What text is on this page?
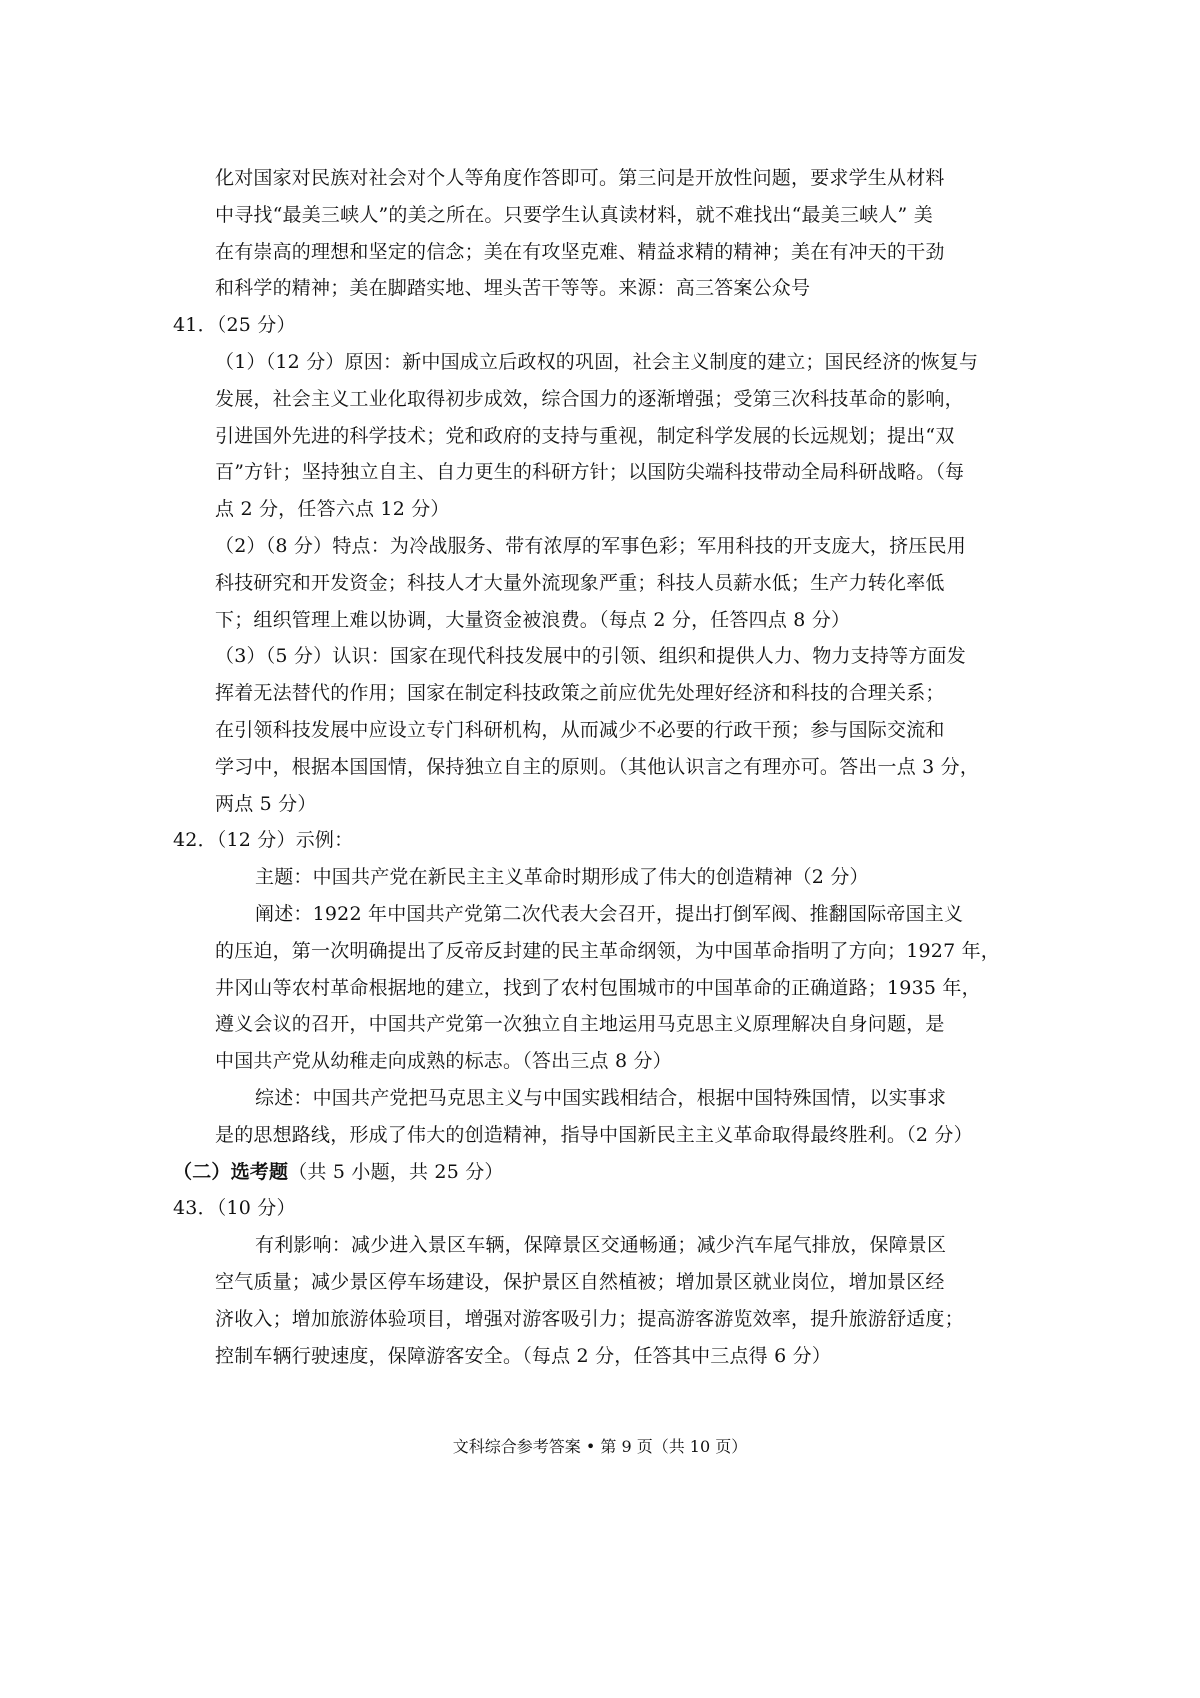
化对国家对民族对社会对个人等角度作答即可。第三问是开放性问题，要求学生从材料
中寻找“最美三峡人”的美之所在。只要学生认真读材料，就不难找出“最美三峡人” 美
在有崇高的理想和坚定的信念；美在有攻坚克难、精益求精的精神；美在有冲天的干劲
和科学的精神；美在脚踏实地、埋头苦干等等。来源：高三答案公众号
41．（25 分）
（1）（12 分）原因：新中国成立后政权的巩固，社会主义制度的建立；国民经济的恢复与
发展，社会主义工业化取得初步成效，综合国力的逐渐增强；受第三次科技革命的影响，
引进国外先进的科学技术；党和政府的支持与重视，制定科学发展的长远规划；提出“双
百”方针；坚持独立自主、自力更生的科研方针；以国防尖端科技带动全局科研战略。（每
点 2 分，任答六点 12 分）
（2）（8 分）特点：为冷战服务、带有浓厚的军事色彩；军用科技的开支庞大，挤压民用
科技研究和开发资金；科技人才大量外流现象严重；科技人员薪水低；生产力转化率低
下；组织管理上难以协调，大量资金被浪费。（每点 2 分，任答四点 8 分）
（3）（5 分）认识：国家在现代科技发展中的引领、组织和提供人力、物力支持等方面发
挥着无法替代的作用；国家在制定科技政策之前应优先处理好经济和科技的合理关系；
在引领科技发展中应设立专门科研机构，从而减少不必要的行政干预；参与国际交流和
学习中，根据本国国情，保持独立自主的原则。（其他认识言之有理亦可。答出一点 3 分，
两点 5 分）
42．（12 分）示例：
主题：中国共产党在新民主主义革命时期形成了伟大的创造精神（2 分）
阐述：1922 年中国共产党第二次代表大会召开，提出打倒军阀、推翻国际帝国主义
的压迫，第一次明确提出了反帝反封建的民主革命纲领，为中国革命指明了方向；1927 年，
井冈山等农村革命根据地的建立，找到了农村包围城市的中国革命的正确道路；1935 年，
遵义会议的召开，中国共产党第一次独立自主地运用马克思主义原理解决自身问题，是
中国共产党从幼稚走向成熟的标志。（答出三点 8 分）
综述：中国共产党把马克思主义与中国实践相结合，根据中国特殊国情，以实事求
是的思想路线，形成了伟大的创造精神，指导中国新民主主义革命取得最终胜利。（2 分）
（二）选考题（共 5 小题，共 25 分）
43．（10 分）
有利影响：减少进入景区车辆，保障景区交通畅通；减少汽车尾气排放，保障景区
空气质量；减少景区停车场建设，保护景区自然植被；增加景区就业岗位，增加景区经
济收入；增加旅游体验项目，增强对游客吸引力；提高游客游览效率，提升旅游舒适度；
控制车辆行驶速度，保障游客安全。（每点 2 分，任答其中三点得 6 分）
文科综合参考答案 • 第 9 页（共 10 页）
